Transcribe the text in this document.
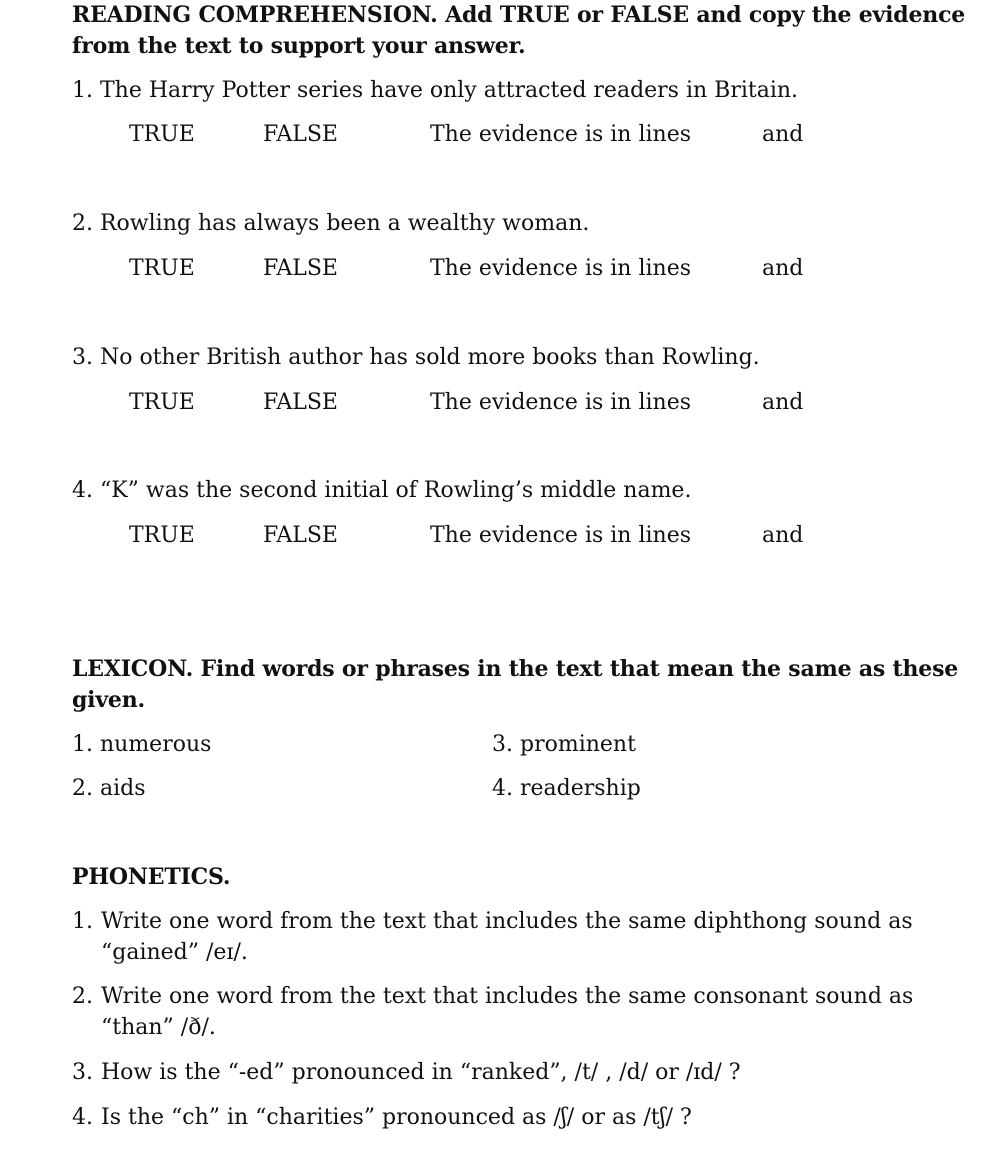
READING COMPREHENSION. Add TRUE or FALSE and copy the evidence
from the text to support your answer.
1. The Harry Potter series have only attracted readers in Britain.
TRUE	FALSE	The evidence is in lines	and
2. Rowling has always been a wealthy woman.
TRUE	FALSE	The evidence is in lines	and
3. No other British author has sold more books than Rowling.
TRUE	FALSE	The evidence is in lines	and
4. “K” was the second initial of Rowling’s middle name.
TRUE	FALSE	The evidence is in lines	and
LEXICON. Find words or phrases in the text that mean the same as these
given.
1. numerous
2. aids
3. prominent
4. readership
PHONETICS.
1. Write one word from the text that includes the same diphthong sound as
“gained” /eɪ/.
2. Write one word from the text that includes the same consonant sound as
“than” /ð/.
3. How is the “-ed” pronounced in “ranked”, /t/ , /d/ or /ɪd/ ?
4. Is the “ch” in “charities” pronounced as /ʃ/ or as /tʃ/ ?
